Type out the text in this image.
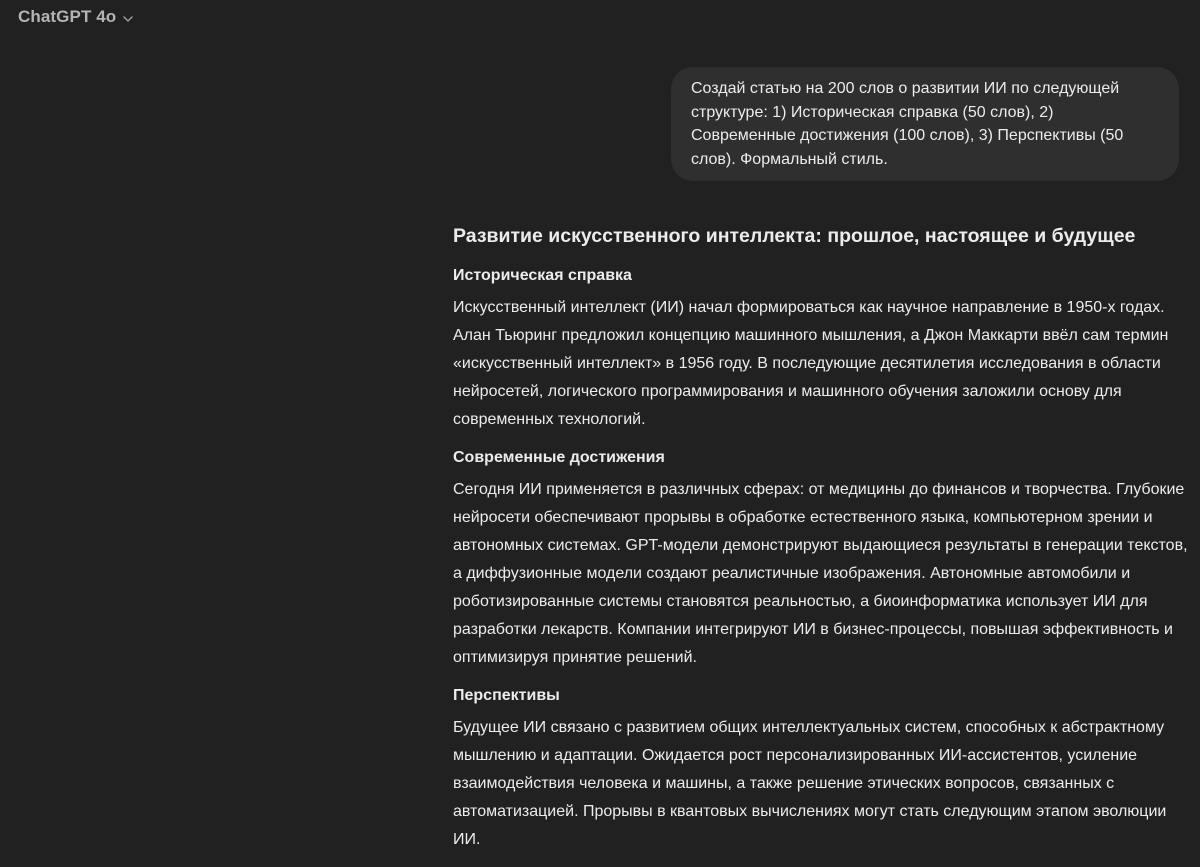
ChatGPT 4o
Создай статью на 200 слов о развитии ИИ по следующей структуре: 1) Историческая справка (50 слов), 2) Современные достижения (100 слов), 3) Перспективы (50 слов). Формальный стиль.
Развитие искусственного интеллекта: прошлое, настоящее и будущее
Историческая справка

Искусственный интеллект (ИИ) начал формироваться как научное направление в 1950-х годах. Алан Тьюринг предложил концепцию машинного мышления, а Джон Маккарти ввёл сам термин «искусственный интеллект» в 1956 году. В последующие десятилетия исследования в области нейросетей, логического программирования и машинного обучения заложили основу для современных технологий.

Современные достижения

Сегодня ИИ применяется в различных сферах: от медицины до финансов и творчества. Глубокие нейросети обеспечивают прорывы в обработке естественного языка, компьютерном зрении и автономных системах. GPT-модели демонстрируют выдающиеся результаты в генерации текстов, а диффузионные модели создают реалистичные изображения. Автономные автомобили и роботизированные системы становятся реальностью, а биоинформатика использует ИИ для разработки лекарств. Компании интегрируют ИИ в бизнес-процессы, повышая эффективность и оптимизируя принятие решений.

Перспективы

Будущее ИИ связано с развитием общих интеллектуальных систем, способных к абстрактному мышлению и адаптации. Ожидается рост персонализированных ИИ-ассистентов, усиление взаимодействия человека и машины, а также решение этических вопросов, связанных с автоматизацией. Прорывы в квантовых вычислениях могут стать следующим этапом эволюции ИИ.
